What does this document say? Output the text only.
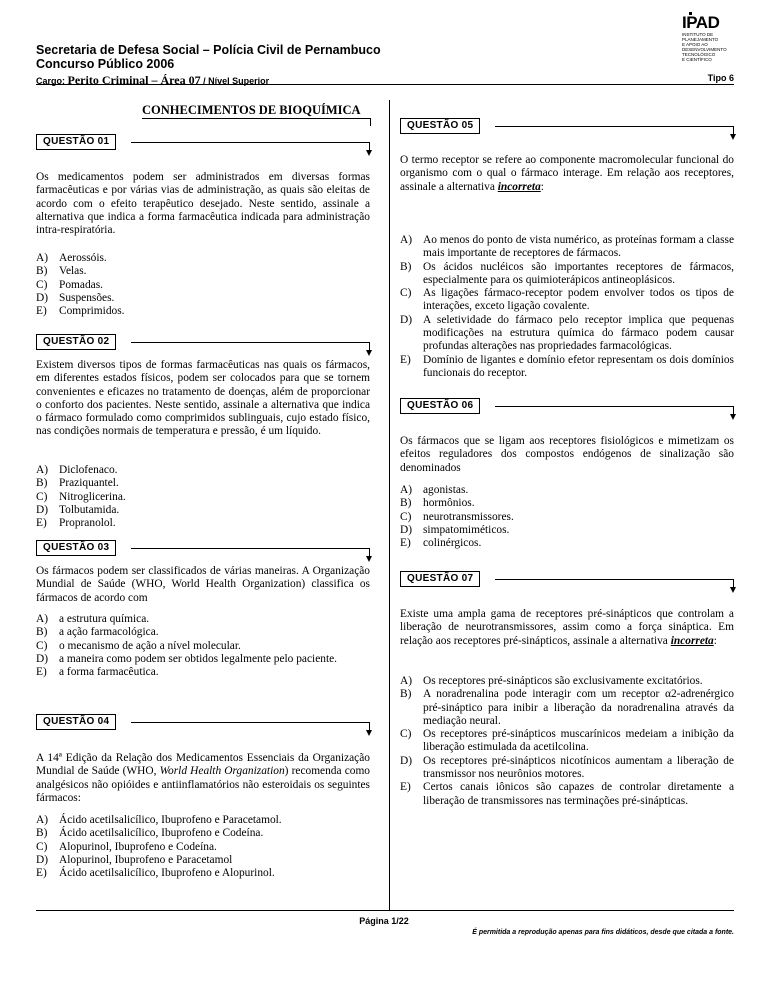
Secretaria de Defesa Social – Polícia Civil de Pernambuco
Concurso Público 2006
Cargo: Perito Criminal – Área 07 / Nível Superior	Tipo 6
IPAD
INSTITUTO DE
PLANEJAMENTO
E APOIO AO
DESENVOLVIMENTO
TECNOLÓGICO
E CIENTÍFICO
CONHECIMENTOS DE BIOQUÍMICA
QUESTÃO 01
Os medicamentos podem ser administrados em diversas formas farmacêuticas e por várias vias de administração, as quais são eleitas de acordo com o efeito terapêutico desejado. Neste sentido, assinale a alternativa que indica a forma farmacêutica indicada para administração intra-respiratória.
A) Aerossóis.
B) Velas.
C) Pomadas.
D) Suspensões.
E) Comprimidos.
QUESTÃO 02
Existem diversos tipos de formas farmacêuticas nas quais os fármacos, em diferentes estados físicos, podem ser colocados para que se tornem convenientes e eficazes no tratamento de doenças, além de proporcionar o conforto dos pacientes. Neste sentido, assinale a alternativa que indica o fármaco formulado como comprimidos sublinguais, cujo estado físico, nas condições normais de temperatura e pressão, é um líquido.
A) Diclofenaco.
B) Praziquantel.
C) Nitroglicerina.
D) Tolbutamida.
E) Propranolol.
QUESTÃO 03
Os fármacos podem ser classificados de várias maneiras. A Organização Mundial de Saúde (WHO, World Health Organization) classifica os fármacos de acordo com
A) a estrutura química.
B) a ação farmacológica.
C) o mecanismo de ação a nível molecular.
D) a maneira como podem ser obtidos legalmente pelo paciente.
E) a forma farmacêutica.
QUESTÃO 04
A 14ª Edição da Relação dos Medicamentos Essenciais da Organização Mundial de Saúde (WHO, World Health Organization) recomenda como analgésicos não opióides e antiinflamatórios não esteroidais os seguintes fármacos:
A) Ácido acetilsalicílico, Ibuprofeno e Paracetamol.
B) Ácido acetilsalicílico, Ibuprofeno e Codeína.
C) Alopurinol, Ibuprofeno e Codeína.
D) Alopurinol, Ibuprofeno e Paracetamol
E) Ácido acetilsalicílico, Ibuprofeno e Alopurinol.
QUESTÃO 05
O termo receptor se refere ao componente macromolecular funcional do organismo com o qual o fármaco interage. Em relação aos receptores, assinale a alternativa incorreta:
A) Ao menos do ponto de vista numérico, as proteínas formam a classe mais importante de receptores de fármacos.
B) Os ácidos nucléicos são importantes receptores de fármacos, especialmente para os quimioterápicos antineoplásicos.
C) As ligações fármaco-receptor podem envolver todos os tipos de interações, exceto ligação covalente.
D) A seletividade do fármaco pelo receptor implica que pequenas modificações na estrutura química do fármaco podem causar profundas alterações nas propriedades farmacológicas.
E) Domínio de ligantes e domínio efetor representam os dois domínios funcionais do receptor.
QUESTÃO 06
Os fármacos que se ligam aos receptores fisiológicos e mimetizam os efeitos reguladores dos compostos endógenos de sinalização são denominados
A) agonistas.
B) hormônios.
C) neurotransmissores.
D) simpatomiméticos.
E) colinérgicos.
QUESTÃO 07
Existe uma ampla gama de receptores pré-sinápticos que controlam a liberação de neurotransmissores, assim como a força sináptica. Em relação aos receptores pré-sinápticos, assinale a alternativa incorreta:
A) Os receptores pré-sinápticos são exclusivamente excitatórios.
B) A noradrenalina pode interagir com um receptor α2-adrenérgico pré-sináptico para inibir a liberação da noradrenalina através da mediação neural.
C) Os receptores pré-sinápticos muscarínicos medeiam a inibição da liberação estimulada da acetilcolina.
D) Os receptores pré-sinápticos nicotínicos aumentam a liberação de transmissor nos neurônios motores.
E) Certos canais iônicos são capazes de controlar diretamente a liberação de transmissores nas terminações pré-sinápticas.
Página 1/22
É permitida a reprodução apenas para fins didáticos, desde que citada a fonte.
